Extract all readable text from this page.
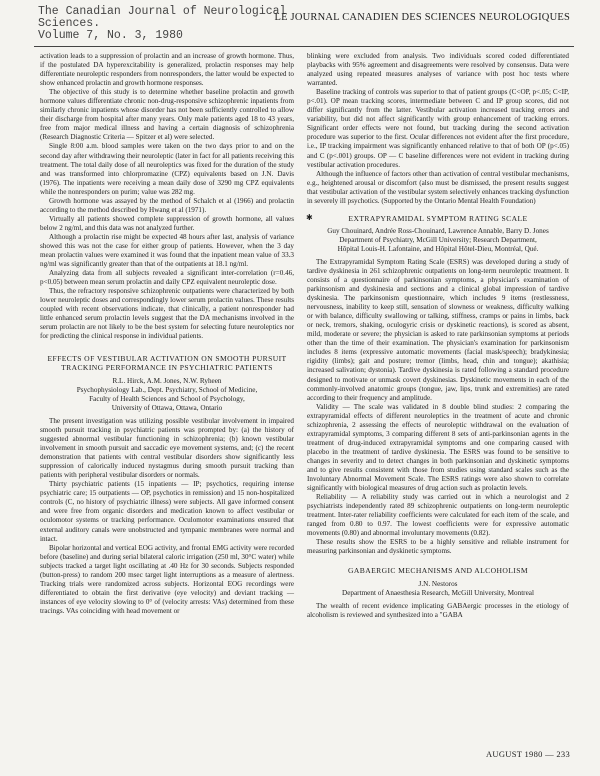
The Canadian Journal of Neurological
Sciences.
Volume 7, No. 3, 1980
LE JOURNAL CANADIEN DES SCIENCES NEUROLOGIQUES

activation leads to a suppression of prolactin and an increase of growth hormone. Thus, if the postulated DA hyperexcitability is generalized, prolactin responses may help differentiate neuroleptic responders from nonresponders, the latter would be expected to show enhanced prolactin and growth hormone responses.

The objective of this study is to determine whether baseline prolactin and growth hormone values differentiate chronic non-drug-responsive schizophrenic inpatients from similarly chronic inpatients whose disorder has not been sufficiently controlled to allow their discharge from hospital after many years. Only male patients aged 18 to 43 years, free from major medical illness and having a certain diagnosis of schizophrenia (Research Diagnostic Criteria — Spitzer et al) were selected.

Single 8:00 a.m. blood samples were taken on the two days prior to and on the second day after withdrawing their neuroleptic (later in fact for all patients receiving this treatment. The total daily dose of all neuroleptics was fixed for the duration of the study and was transformed into chlorpromazine (CPZ) equivalents based on J.N. Davis (1976). The inpatients were receiving a mean daily dose of 3290 mg CPZ equivalents while the nonresponders on purim; value was 282 mg.

Growth hormone was assayed by the method of Schalch et al (1966) and prolactin according to the method described by Hwang et al (1971).

Virtually all patients showed complete suppression of growth hormone, all values below 2 ng/ml, and this data was not analyzed further.

Although a prolactin rise might be expected 48 hours after last, analysis of variance showed this was not the case for either group of patients. However, when the 3 day mean prolactin values were examined it was found that the inpatient mean value of 33.3 ng/ml was significantly greater than that of the outpatients at 18.1 ng/ml.

Analyzing data from all subjects revealed a significant inter-correlation (r=0.46, p<0.05) between mean serum prolactin and daily CPZ equivalent neuroleptic dose.

Thus, the refractory responsive schizophrenic outpatients were characterized by both lower neuroleptic doses and correspondingly lower serum prolactin values. These results coupled with recent observations indicate, that clinically, a patient nonresponder had little enhanced serum prolactin levels suggest that the DA mechanisms involved in the serum prolactin are not likely to be the best system for selecting future neuroleptics nor for predicting the clinical response in individual patients.

EFFECTS OF VESTIBULAR ACTIVATION ON SMOOTH PURSUIT TRACKING PERFORMANCE IN PSYCHIATRIC PATIENTS
R.L. Hirck, A.M. Jones, N.W. Ryheen
Psychophysiology Lab., Dept. Psychiatry, School of Medicine,
Faculty of Health Sciences and School of Psychology,
University of Ottawa, Ottawa, Ontario

The present investigation was utilizing possible vestibular involvement in impaired smooth pursuit tracking in psychiatric patients was prompted by: (a) the history of suggested abnormal vestibular functioning in schizophrenia; (b) known vestibular involvement in smooth pursuit and saccadic eye movement systems, and; (c) the recent demonstration that patients with central vestibular disorders show significantly less suppression of calorically induced nystagmus during smooth pursuit tracking than patients with peripheral vestibular disorders or normals.

Thirty psychiatric patients (15 inpatients — IP; psychotics, requiring intense psychiatric care; 15 outpatients — OP, psychotics in remission) and 15 non-hospitalized controls (C, no history of psychiatric illness) were subjects. All gave informed consent and were free from organic disorders and medication known to affect vestibular or oculomotor systems or tracking performance. Oculomotor examinations ensured that external auditory canals were unobstructed and tympanic membranes were normal and intact.

Bipolar horizontal and vertical EOG activity, and frontal EMG activity were recorded before (baseline) and during serial bilateral caloric irrigation (250 ml, 30°C water) while subjects tracked a target light oscillating at .40 Hz for 30 seconds. Subjects responded (button-press) to random 200 msec target light interruptions as a measure of alertness. Tracking trials were randomized across subjects. Horizontal EOG recordings were differentiated to obtain the first derivative (eye velocity) and deviant tracking — instances of eye velocity slowing to 0° of (velocity arrests: VAs) determined from these tracings. VAs coinciding with head movement or

blinking were excluded from analysis. Two individuals scored coded differentiated playbacks with 95% agreement and disagreements were resolved by consensus. Data were analyzed using repeated measures analyses of variance with post hoc tests where warranted.

Baseline tracking of controls was superior to that of patient groups (C<OP, p<.05; C<IP, p<.01). OP mean tracking scores, intermediate between C and IP group scores, did not differ significantly from the latter. Vestibular activation increased tracking errors and variability, but did not affect significantly with group enhancement of tracking errors. Significant order effects were not found, but tracking during the second activation procedure was superior to the first. Ocular differences not evident after the first procedure, i.e., IP tracking impairment was significantly enhanced relative to that of both OP (p<.05) and C (p<.001) groups. OP — C baseline differences were not evident in tracking during vestibular activation procedures.

Although the influence of factors other than activation of central vestibular mechanisms, e.g., heightened arousal or discomfort (also must be dismissed, the present results suggest that vestibular activation of the vestibular system selectively enhances tracking dysfunction in severely ill psychotics. (Supported by the Ontario Mental Health Foundation)

✱	EXTRAPYRAMIDAL SYMPTOM RATING SCALE
Guy Chouinard, Andrée Ross-Chouinard, Lawrence Annable, Barry D. Jones
Department of Psychiatry, McGill University; Research Department,
Hôpital Louis-H. Lafontaine, and Hôpital Hôtel-Dieu, Montréal, Qué.

The Extrapyramidal Symptom Rating Scale (ESRS) was developed during a study of tardive dyskinesia in 261 schizophrenic outpatients on long-term neuroleptic treatment. It consists of a questionnaire of parkinsonian symptoms, a physician's examination of parkinsonism and dyskinesia and sections and a clinical global impression of tardive dyskinesia. The parkinsonism questionnaire, which includes 9 items (restlessness, nervousness, inability to keep still, sensation of slowness or weakness, difficulty walking or with balance, difficulty swallowing or talking, stiffness, cramps or pains in limbs, back or neck, tremors, shaking, oculogyric crisis or dyskinetic reactions), is scored as absent, mild, moderate or severe; the physician is asked to rate parkinsonian symptoms at periods other than the time of their examination. The physician's examination for parkinsonism includes 8 items (expressive automatic movements (facial mask/speech); bradykinesia; rigidity (limbs); gait and posture; tremor (limbs, head, chin and tongue); akathisia; increased salivation; dystonia). Tardive dyskinesia is rated following a standard procedure designed to motivate or unmask covert dyskinesias. Dyskinetic movements in each of the commonly-involved anatomic groups (tongue, jaw, lips, trunk and extremities) are rated according to their frequency and amplitude.

Validity — The scale was validated in 8 double blind studies: 2 comparing the extrapyramidal effects of different neuroleptics in the treatment of acute and chronic schizophrenia, 2 assessing the effects of neuroleptic withdrawal on the evaluation of extrapyramidal symptoms, 3 comparing different 8 sets of anti-parkinsonian agents in the treatment of drug-induced extrapyramidal symptoms and one comparing caused with placebo in the treatment of tardive dyskinesia. The ESRS was found to be sensitive to changes in severity and to detect changes in both parkinsonian and dyskinetic symptoms and to give results consistent with those from studies using standard scales such as the Involuntary Abnormal Movement Scale. The ESRS ratings were also shown to correlate significantly with biological measures of drug action such as prolactin levels.

Reliability — A reliability study was carried out in which a neurologist and 2 psychiatrists independently rated 89 schizophrenic outpatients on long-term neuroleptic treatment. Inter-rater reliability coefficients were calculated for each item of the scale, and ranged from 0.80 to 0.97. The lowest coefficients were for expressive automatic movements (0.80) and abnormal involuntary movements (0.82).

These results show the ESRS to be a highly sensitive and reliable instrument for measuring parkinsonian and dyskinetic symptoms.

GABAERGIC MECHANISMS AND ALCOHOLISM
J.N. Nestoros
Department of Anaesthesia Research, McGill University, Montreal

The wealth of recent evidence implicating GABAergic processes in the etiology of alcoholism is reviewed and synthesized into a "GABA

AUGUST 1980 — 233
